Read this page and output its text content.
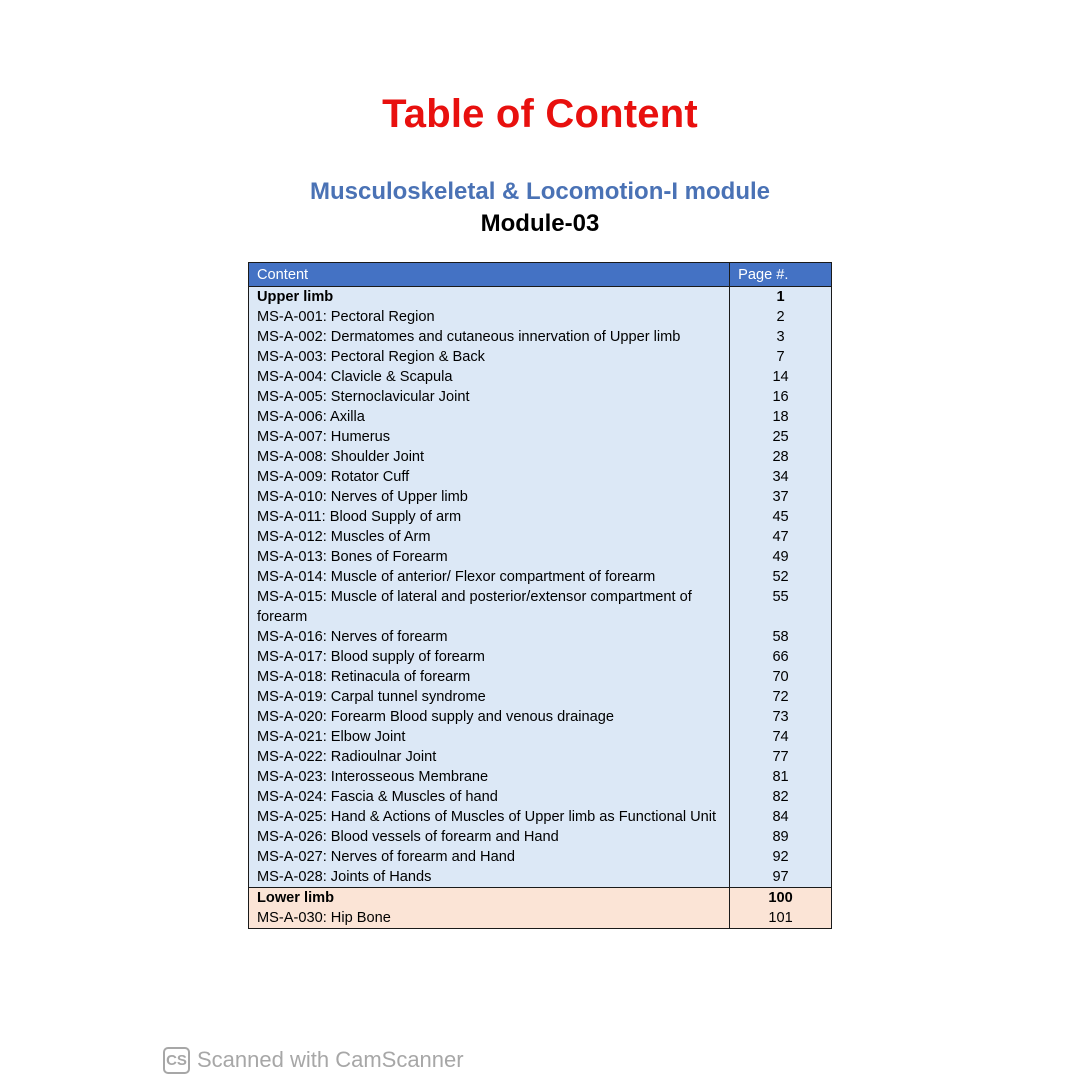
Table of Content
Musculoskeletal & Locomotion-I module
Module-03
Content	Page #.
Upper limb	1
MS-A-001: Pectoral Region	2
MS-A-002: Dermatomes and cutaneous innervation of Upper limb	3
MS-A-003: Pectoral Region & Back	7
MS-A-004: Clavicle & Scapula	14
MS-A-005: Sternoclavicular Joint	16
MS-A-006: Axilla	18
MS-A-007: Humerus	25
MS-A-008: Shoulder Joint	28
MS-A-009: Rotator Cuff	34
MS-A-010: Nerves of Upper limb	37
MS-A-011: Blood Supply of arm	45
MS-A-012: Muscles of Arm	47
MS-A-013: Bones of Forearm	49
MS-A-014: Muscle of anterior/ Flexor compartment of forearm	52
MS-A-015: Muscle of lateral and posterior/extensor compartment of forearm	55
MS-A-016: Nerves of forearm	58
MS-A-017: Blood supply of forearm	66
MS-A-018: Retinacula of forearm	70
MS-A-019: Carpal tunnel syndrome	72
MS-A-020: Forearm Blood supply and venous drainage	73
MS-A-021: Elbow Joint	74
MS-A-022: Radioulnar Joint	77
MS-A-023: Interosseous Membrane	81
MS-A-024: Fascia & Muscles of hand	82
MS-A-025: Hand & Actions of Muscles of Upper limb as Functional Unit	84
MS-A-026: Blood vessels of forearm and Hand	89
MS-A-027: Nerves of forearm and Hand	92
MS-A-028: Joints of Hands	97
Lower limb	100
MS-A-030: Hip Bone	101
CS Scanned with CamScanner
